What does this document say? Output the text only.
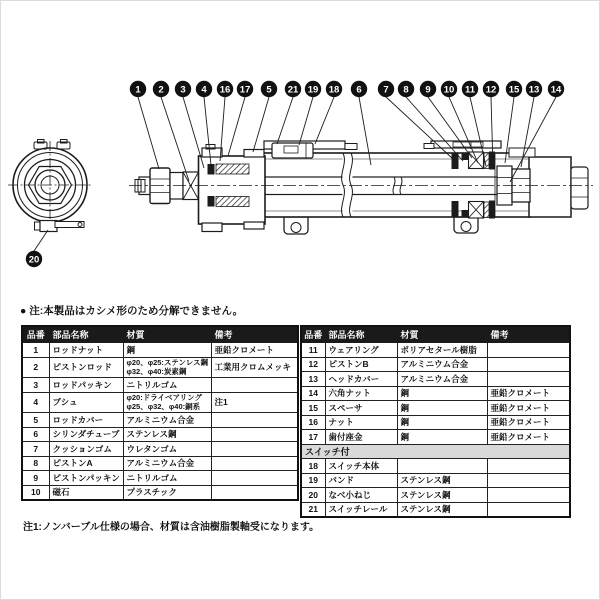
1 2 3 4 16 17 5 21 19 18 6 7 8 9 10 11 12 15 13 14
20
● 注:本製品はカシメ形のため分解できません。
品番	部品名称	材質	備考
1	ロッドナット	鋼	亜鉛クロメート
2	ピストンロッド	φ20、φ25:ステンレス鋼
φ32、φ40:炭素鋼	工業用クロムメッキ
3	ロッドパッキン	ニトリルゴム	
4	ブシュ	φ20:ドライベアリング
φ25、φ32、φ40:銅系	注1
5	ロッドカバー	アルミニウム合金	
6	シリンダチューブ	ステンレス鋼	
7	クッションゴム	ウレタンゴム	
8	ピストンA	アルミニウム合金	
9	ピストンパッキン	ニトリルゴム	
10	磁石	プラスチック	
品番	部品名称	材質	備考
11	ウェアリング	ポリアセタール樹脂	
12	ピストンB	アルミニウム合金	
13	ヘッドカバー	アルミニウム合金	
14	六角ナット	鋼	亜鉛クロメート
15	スペーサ	鋼	亜鉛クロメート
16	ナット	鋼	亜鉛クロメート
17	歯付座金	鋼	亜鉛クロメート
スイッチ付			
18	スイッチ本体		
19	バンド	ステンレス鋼	
20	なべ小ねじ	ステンレス鋼	
21	スイッチレール	ステンレス鋼	
注1:ノンバーブル仕様の場合、材質は含油樹脂製軸受になります。
